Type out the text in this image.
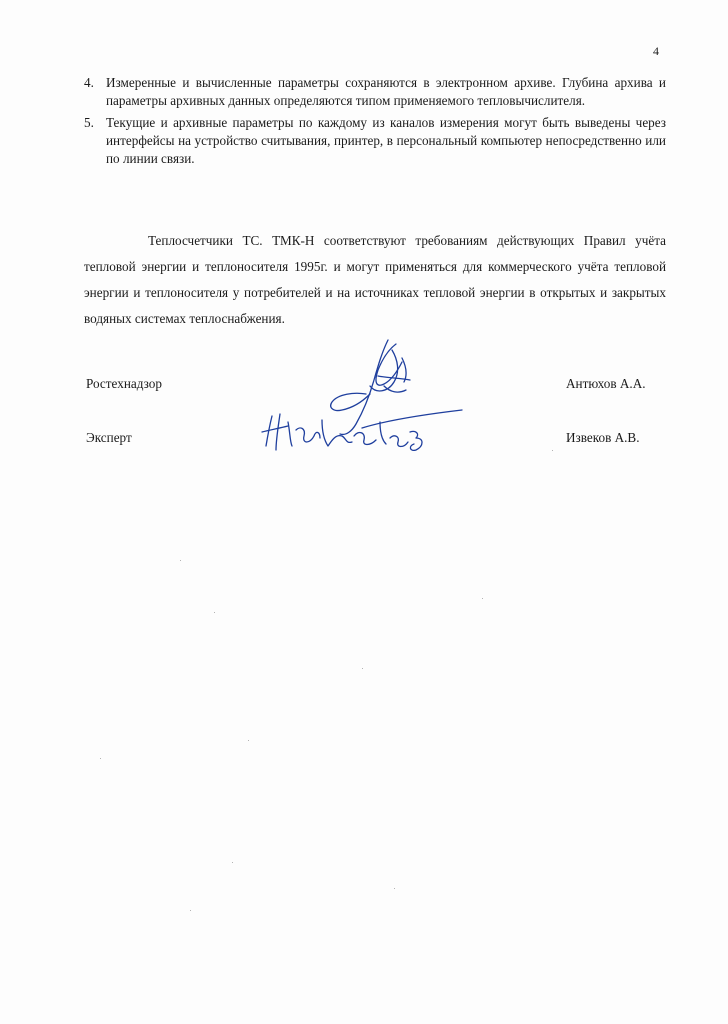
4
4. Измеренные и вычисленные параметры сохраняются в электронном архиве. Глубина архива и параметры архивных данных определяются типом применяемого тепловычислителя.
5. Текущие и архивные параметры по каждому из каналов измерения могут быть выведены через интерфейсы на устройство считывания, принтер, в персональный компьютер непосредственно или по линии связи.

Теплосчетчики ТС. ТМК-Н соответствуют требованиям действующих Правил учёта тепловой энергии и теплоносителя 1995г. и могут применяться для коммерческого учёта тепловой энергии и теплоносителя у потребителей и на источниках тепловой энергии в открытых и закрытых водяных системах теплоснабжения.

Ростехнадзор	Антюхов А.А.
Эксперт	Извеков А.В.
